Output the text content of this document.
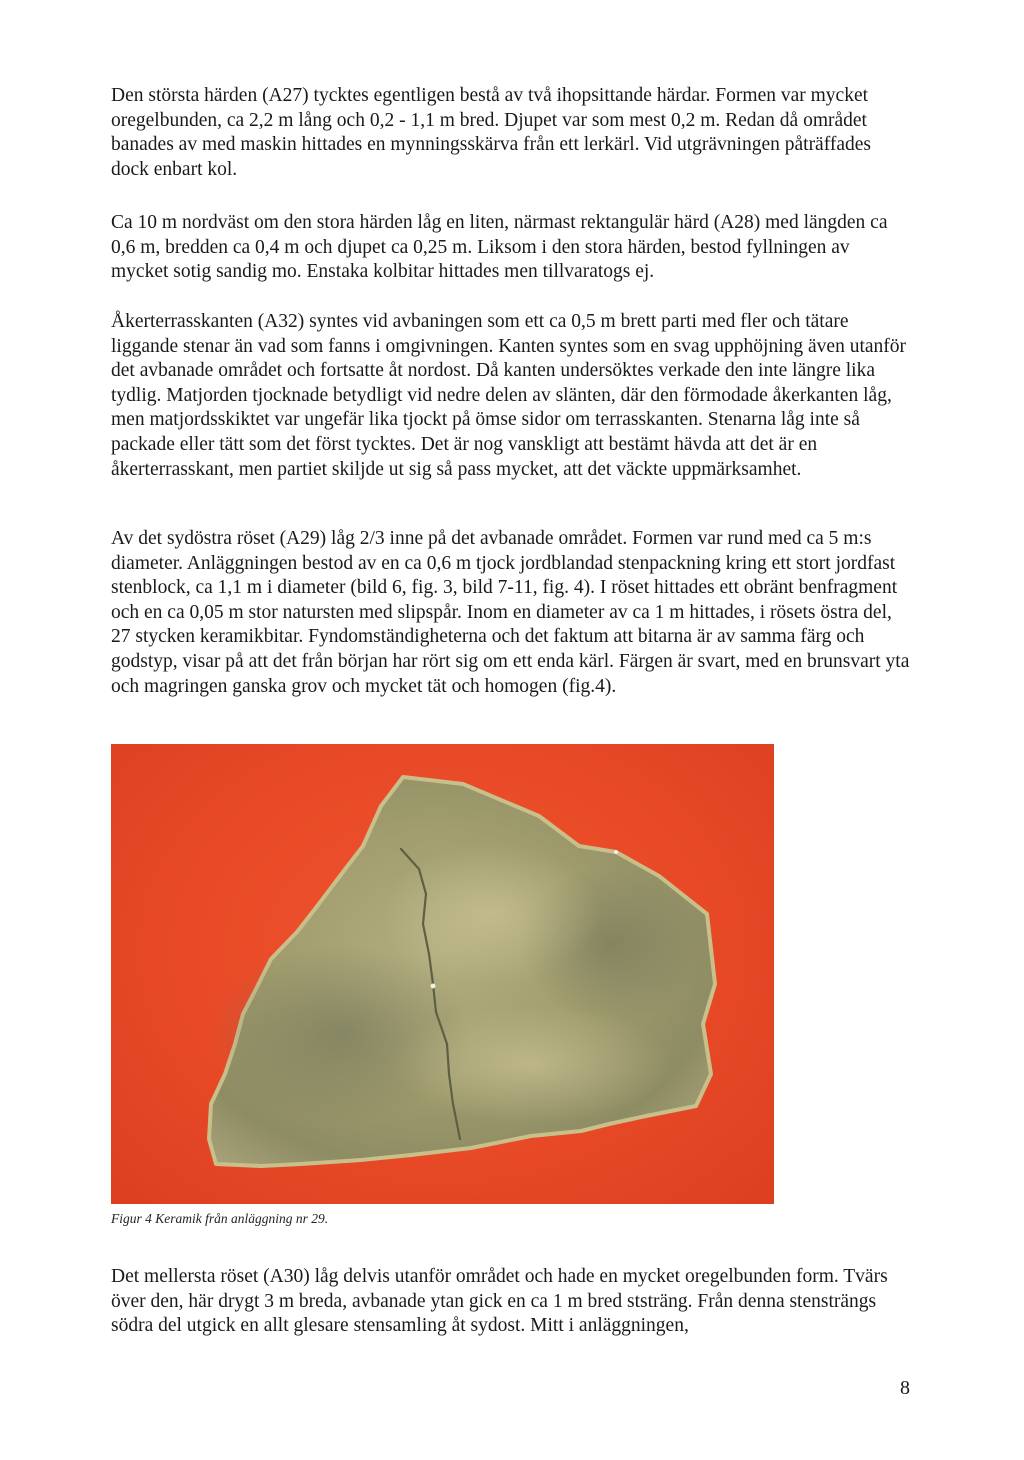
Den största härden (A27) tycktes egentligen bestå av två ihopsittande härdar. Formen var mycket oregelbunden, ca 2,2 m lång och 0,2 - 1,1 m bred. Djupet var som mest 0,2 m. Redan då området banades av med maskin hittades en mynningsskärva från ett lerkärl. Vid utgrävningen påträffades dock enbart kol.

Ca 10 m nordväst om den stora härden låg en liten, närmast rektangulär härd (A28) med längden ca 0,6 m, bredden ca 0,4 m och djupet ca 0,25 m. Liksom i den stora härden, bestod fyllningen av mycket sotig sandig mo. Enstaka kolbitar hittades men tillvaratogs ej.

Åkerterrasskanten (A32) syntes vid avbaningen som ett ca 0,5 m brett parti med fler och tätare liggande stenar än vad som fanns i omgivningen. Kanten syntes som en svag upphöjning även utanför det avbanade området och fortsatte åt nordost. Då kanten undersöktes verkade den inte längre lika tydlig. Matjorden tjocknade betydligt vid nedre delen av slänten, där den förmodade åkerkanten låg, men matjordsskiktet var ungefär lika tjockt på ömse sidor om terrasskanten. Stenarna låg inte så packade eller tätt som det först tycktes. Det är nog vanskligt att bestämt hävda att det är en åkerterrasskant, men partiet skiljde ut sig så pass mycket, att det väckte uppmärksamhet.

Av det sydöstra röset (A29) låg 2/3 inne på det avbanade området. Formen var rund med ca 5 m:s diameter. Anläggningen bestod av en ca 0,6 m tjock jordblandad stenpackning kring ett stort jordfast stenblock, ca 1,1 m i diameter (bild 6, fig. 3, bild 7-11, fig. 4). I röset hittades ett obränt benfragment och en ca 0,05 m stor natursten med slipspår. Inom en diameter av ca 1 m hittades, i rösets östra del, 27 stycken keramikbitar. Fyndomständigheterna och det faktum att bitarna är av samma färg och godstyp, visar på att det från början har rört sig om ett enda kärl. Färgen är svart, med en brunsvart yta och magringen ganska grov och mycket tät och homogen (fig.4).

Figur 4 Keramik från anläggning nr 29.

Det mellersta röset (A30) låg delvis utanför området och hade en mycket oregelbunden form. Tvärs över den, här drygt 3 m breda, avbanade ytan gick en ca 1 m bred ststräng. Från denna stensträngs södra del utgick en allt glesare stensamling åt sydost. Mitt i anläggningen,

8
